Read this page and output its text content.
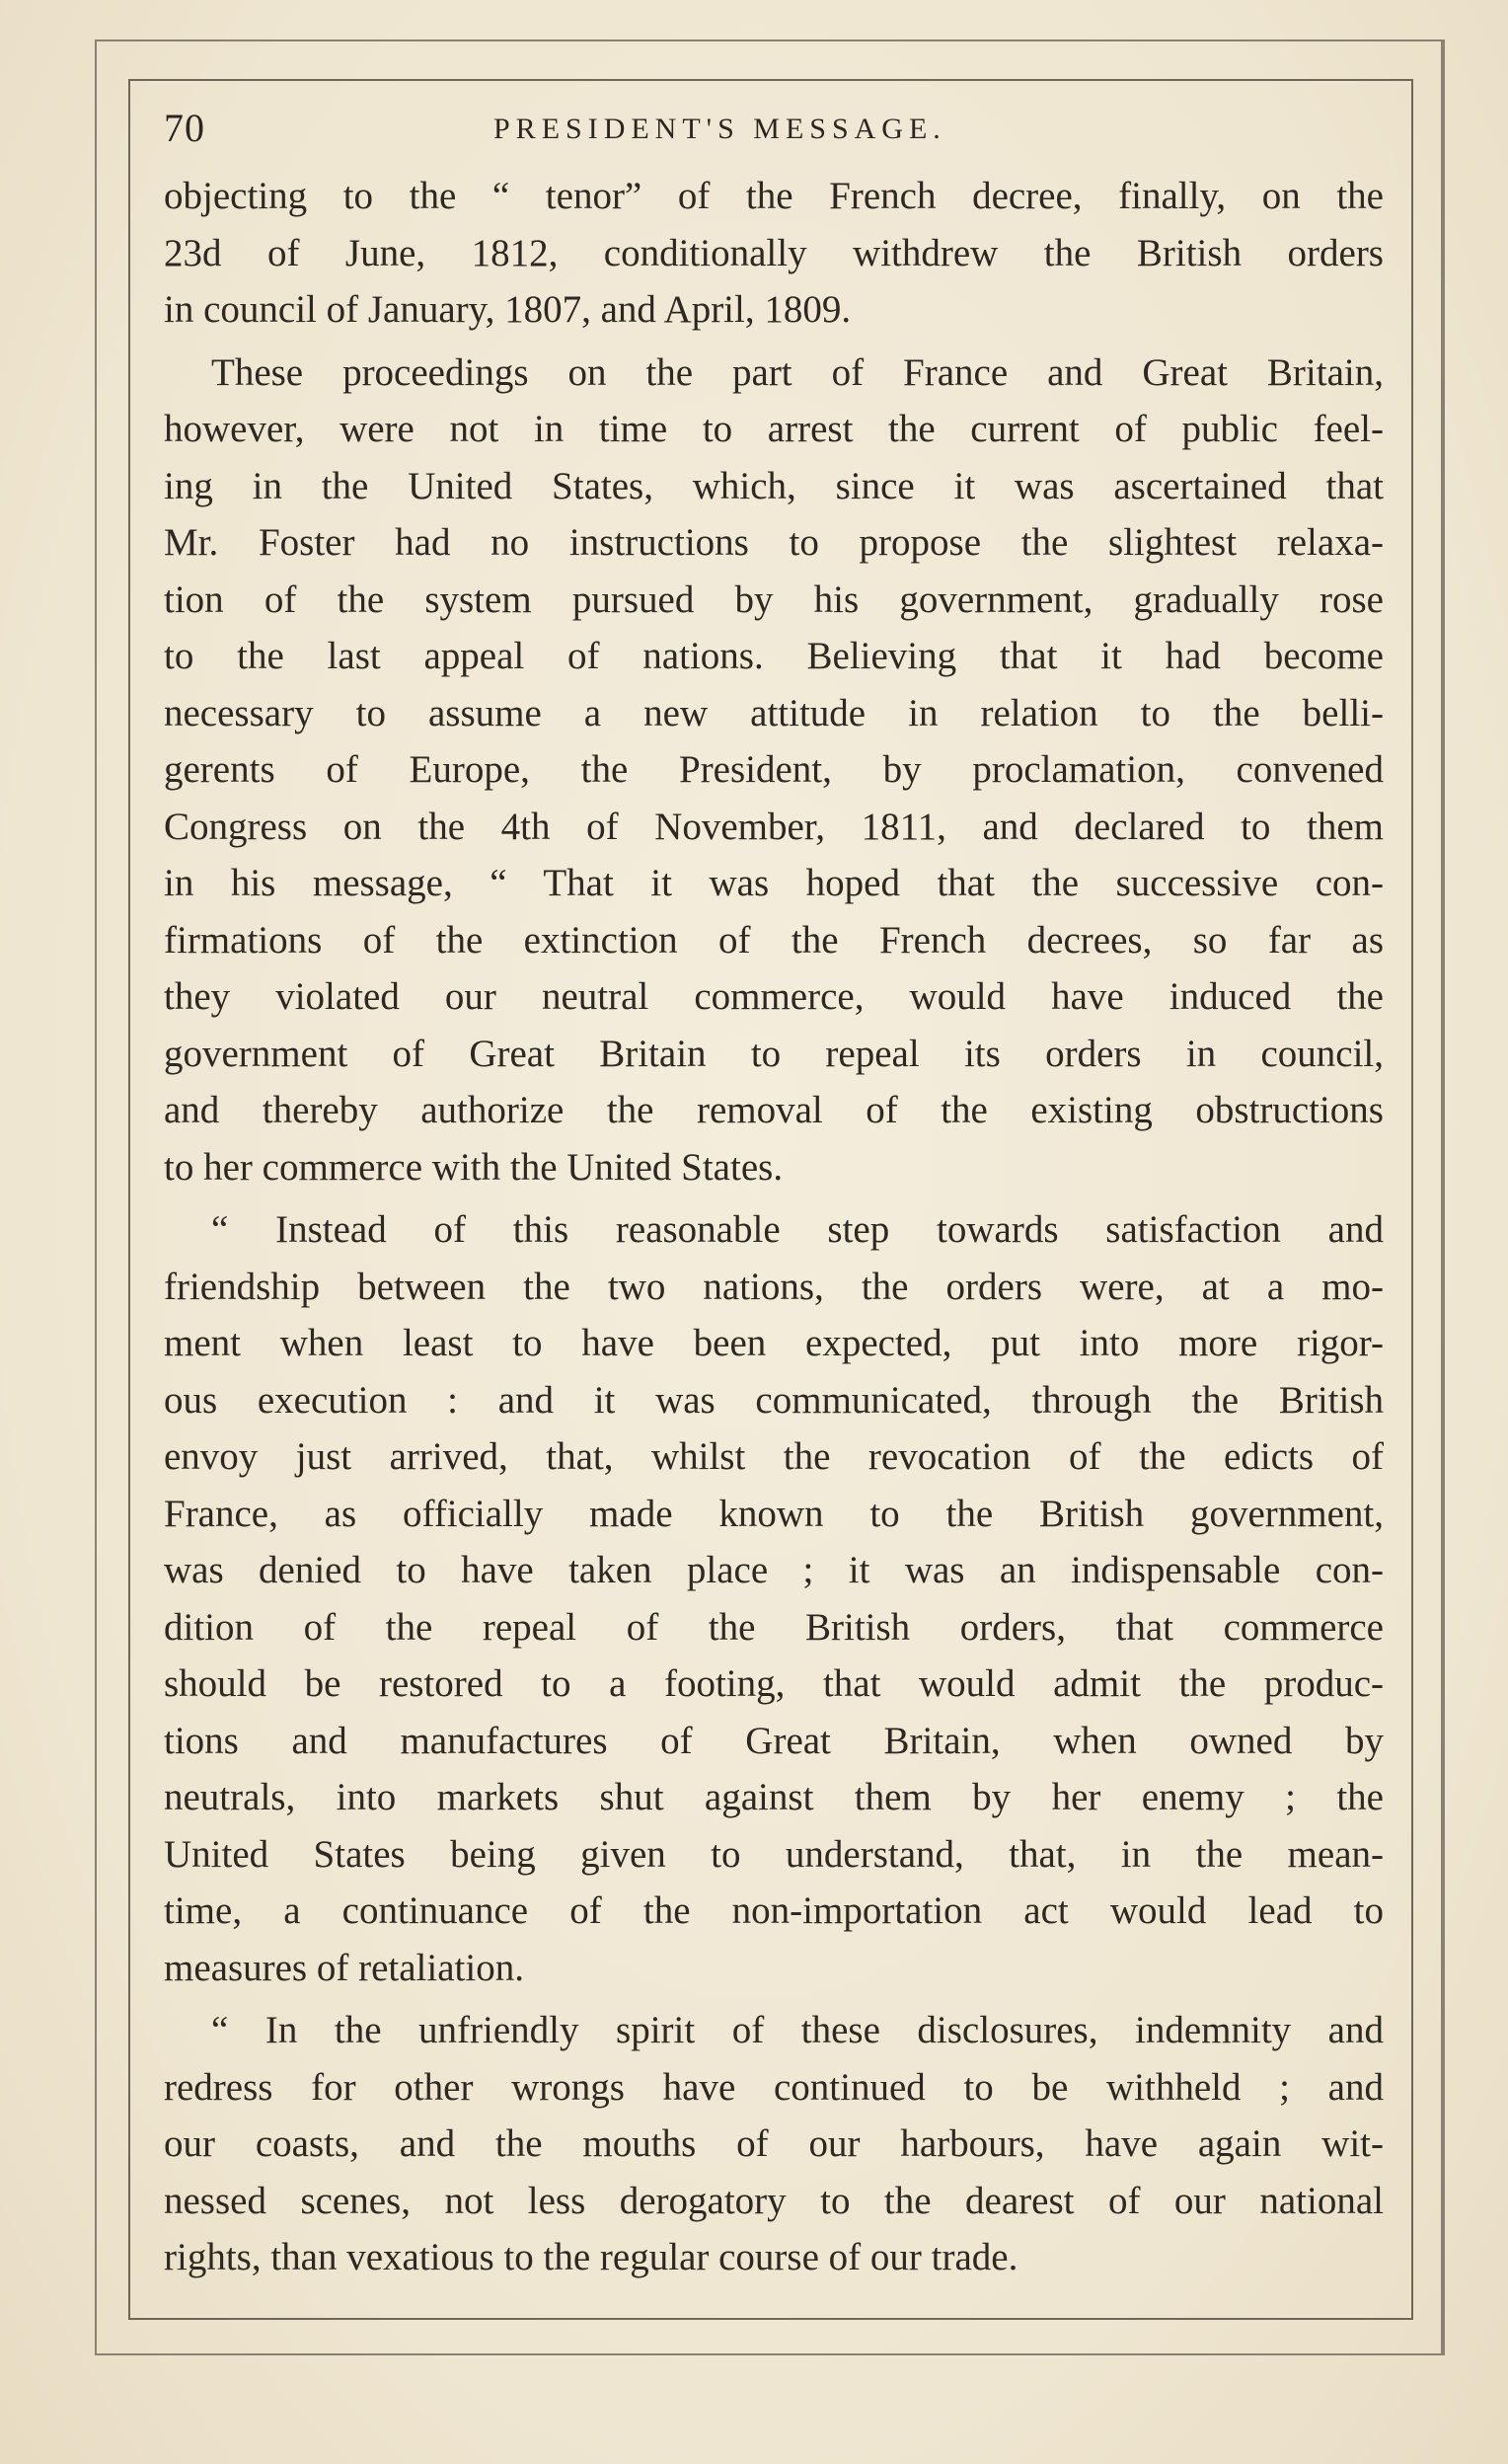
70	PRESIDENT'S MESSAGE.
objecting to the “ tenor” of the French decree, finally, on the
23d of June, 1812, conditionally withdrew the British orders
in council of January, 1807, and April, 1809.
These proceedings on the part of France and Great Britain,
however, were not in time to arrest the current of public feel-
ing in the United States, which, since it was ascertained that
Mr. Foster had no instructions to propose the slightest relaxa-
tion of the system pursued by his government, gradually rose
to the last appeal of nations. Believing that it had become
necessary to assume a new attitude in relation to the belli-
gerents of Europe, the President, by proclamation, convened
Congress on the 4th of November, 1811, and declared to them
in his message, “ That it was hoped that the successive con-
firmations of the extinction of the French decrees, so far as
they violated our neutral commerce, would have induced the
government of Great Britain to repeal its orders in council,
and thereby authorize the removal of the existing obstructions
to her commerce with the United States.
“ Instead of this reasonable step towards satisfaction and
friendship between the two nations, the orders were, at a mo-
ment when least to have been expected, put into more rigor-
ous execution : and it was communicated, through the British
envoy just arrived, that, whilst the revocation of the edicts of
France, as officially made known to the British government,
was denied to have taken place ; it was an indispensable con-
dition of the repeal of the British orders, that commerce
should be restored to a footing, that would admit the produc-
tions and manufactures of Great Britain, when owned by
neutrals, into markets shut against them by her enemy ; the
United States being given to understand, that, in the mean-
time, a continuance of the non-importation act would lead to
measures of retaliation.
“ In the unfriendly spirit of these disclosures, indemnity and
redress for other wrongs have continued to be withheld ; and
our coasts, and the mouths of our harbours, have again wit-
nessed scenes, not less derogatory to the dearest of our national
rights, than vexatious to the regular course of our trade.
